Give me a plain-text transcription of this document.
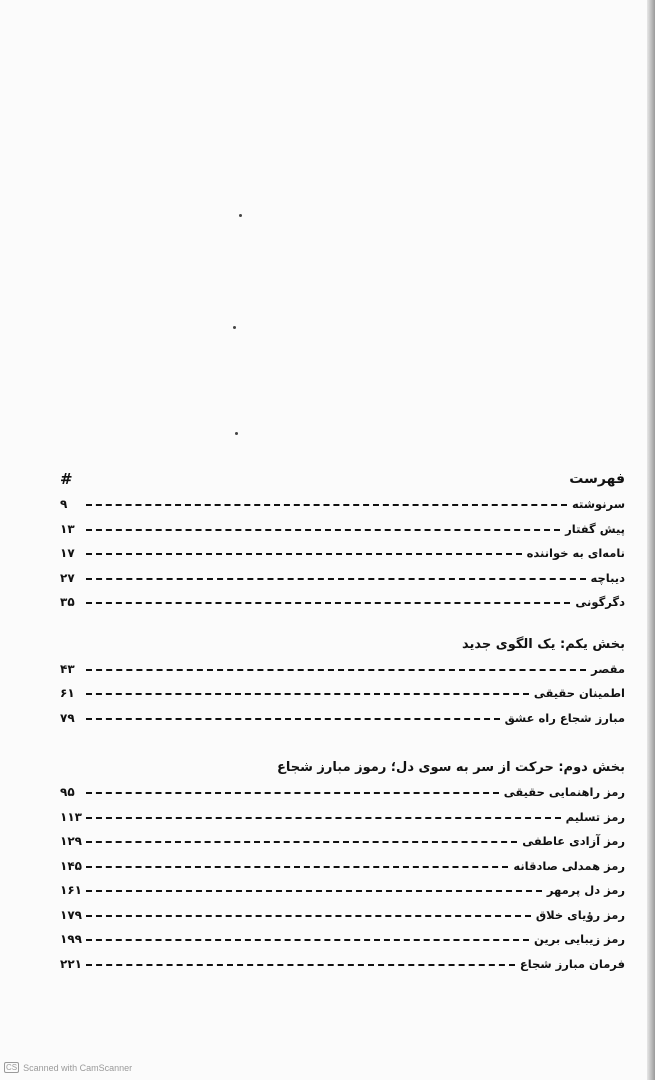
فهرست
#
سرنوشته
۹
پیش گفتار
۱۳
نامه‌ای به خواننده
۱۷
دیباچه
۲۷
دگرگونی
۳۵
بخش یکم: یک الگوی جدید
مقصر
۴۳
اطمینان حقیقی
۶۱
مبارز شجاع راه عشق
۷۹
بخش دوم: حرکت از سر به سوی دل؛ رموز مبارز شجاع
رمز راهنمایی حقیقی
۹۵
رمز تسلیم
۱۱۳
رمز آزادی عاطفی
۱۲۹
رمز همدلی صادقانه
۱۴۵
رمز دل پرمهر
۱۶۱
رمز رؤیای خلاق
۱۷۹
رمز زیبایی برین
۱۹۹
فرمان مبارز شجاع
۲۲۱
CS Scanned with CamScanner
